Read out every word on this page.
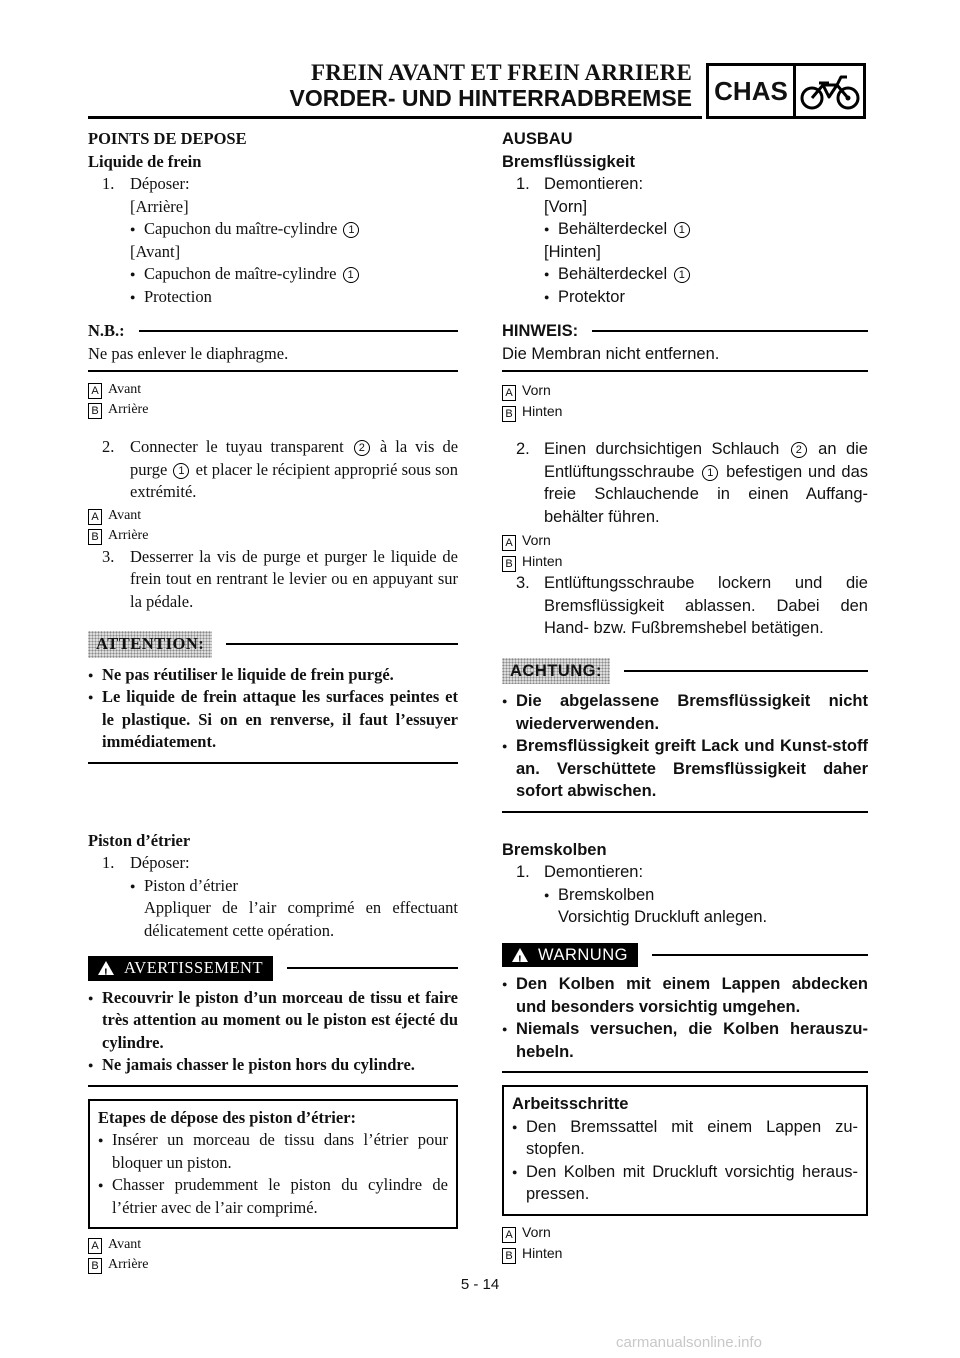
FREIN AVANT ET FREIN ARRIERE
VORDER- UND HINTERRADBREMSE CHAS
POINTS DE DEPOSE
Liquide de frein
1. Déposer:
[Arrière]
● Capuchon du maître-cylindre 1
[Avant]
● Capuchon de maître-cylindre 1
● Protection
N.B.:
Ne pas enlever le diaphragme.
A Avant
B Arrière
2. Connecter le tuyau transparent 2 à la vis de purge 1 et placer le récipient approprié sous son extrémité.
A Avant
B Arrière
3. Desserrer la vis de purge et purger le liquide de frein tout en rentrant le levier ou en appuyant sur la pédale.
ATTENTION:
● Ne pas réutiliser le liquide de frein purgé.
● Le liquide de frein attaque les surfaces peintes et le plastique. Si on en renverse, il faut l’essuyer immédiatement.
Piston d’étrier
1. Déposer:
● Piston d’étrier
Appliquer de l’air comprimé en effectuant délicatement cette opération.
!
AVERTISSEMENT
● Recouvrir le piston d’un morceau de tissu et faire très attention au moment ou le piston est éjecté du cylindre.
● Ne jamais chasser le piston hors du cylindre.
Etapes de dépose des piston d’étrier:
● Insérer un morceau de tissu dans l’étrier pour bloquer un piston.
● Chasser prudemment le piston du cylindre de l’étrier avec de l’air comprimé.
A Avant
B Arrière
AUSBAU
Bremsflüssigkeit
1. Demontieren:
[Vorn]
● Behälterdeckel 1
[Hinten]
● Behälterdeckel 1
● Protektor
HINWEIS:
Die Membran nicht entfernen.
A Vorn
B Hinten
2. Einen durchsichtigen Schlauch 2 an die Entlüftungsschraube 1 befestigen und das freie Schlauchende in einen Auffang-behälter führen.
A Vorn
B Hinten
3. Entlüftungsschraube lockern und die Bremsflüssigkeit ablassen. Dabei den Hand- bzw. Fußbremshebel betätigen.
ACHTUNG:
● Die abgelassene Bremsflüssigkeit nicht wiederverwenden.
● Bremsflüssigkeit greift Lack und Kunst-stoff an. Verschüttete Bremsflüssigkeit daher sofort abwischen.
Bremskolben
1. Demontieren:
● Bremskolben
Vorsichtig Druckluft anlegen.
!
WARNUNG
● Den Kolben mit einem Lappen abdecken und besonders vorsichtig umgehen.
● Niemals versuchen, die Kolben herauszu-hebeln.
Arbeitsschritte
● Den Bremssattel mit einem Lappen zu-stopfen.
● Den Kolben mit Druckluft vorsichtig heraus-pressen.
A Vorn
B Hinten
5 - 14
carmanualsonline.info
